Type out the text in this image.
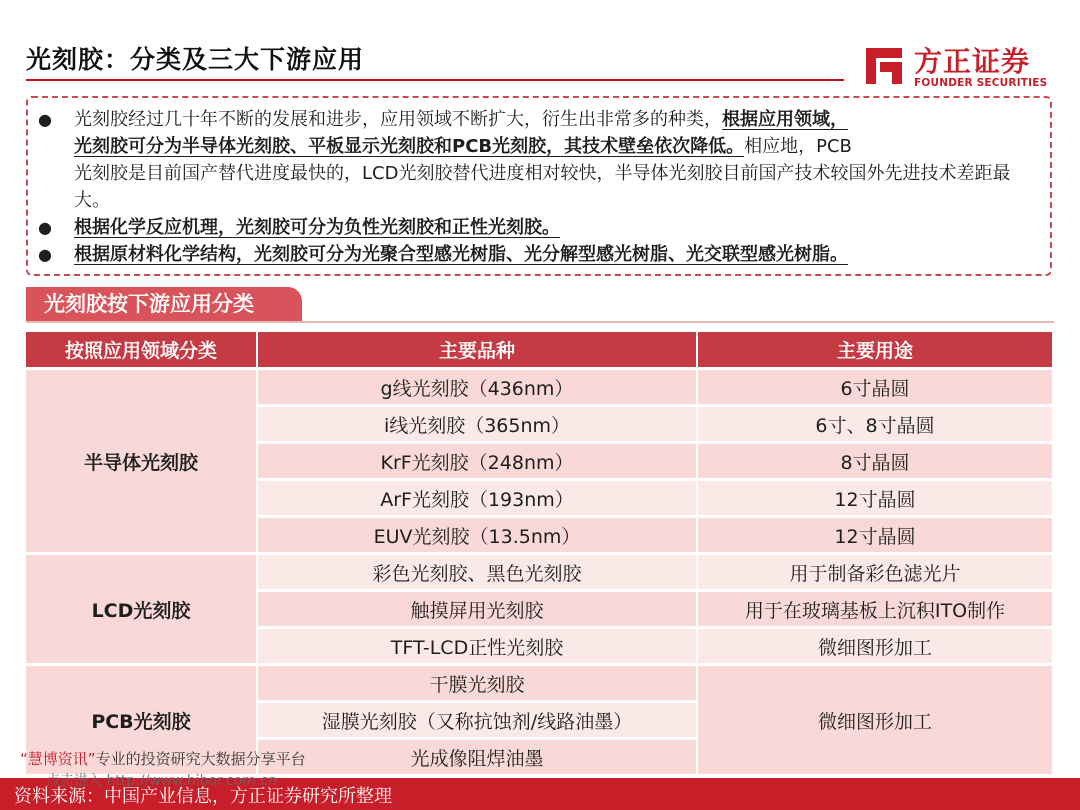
光刻胶：分类及三大下游应用	方正证券
FOUNDER SECURITIES
● 光刻胶经过几十年不断的发展和进步，应用领域不断扩大，衍生出非常多的种类，根据应用领域，
光刻胶可分为半导体光刻胶、平板显示光刻胶和PCB光刻胶，其技术壁垒依次降低。相应地，PCB
光刻胶是目前国产替代进度最快的，LCD光刻胶替代进度相对较快，半导体光刻胶目前国产技术较国外先进技术差距最大。
● 根据化学反应机理，光刻胶可分为负性光刻胶和正性光刻胶。
● 根据原材料化学结构，光刻胶可分为光聚合型感光树脂、光分解型感光树脂、光交联型感光树脂。
光刻胶按下游应用分类
按照应用领域分类	主要品种	主要用途
半导体光刻胶	g线光刻胶（436nm）	6寸晶圆
	i线光刻胶（365nm）	6寸、8寸晶圆
	KrF光刻胶（248nm）	8寸晶圆
	ArF光刻胶（193nm）	12寸晶圆
	EUV光刻胶（13.5nm）	12寸晶圆
LCD光刻胶	彩色光刻胶、黑色光刻胶	用于制备彩色滤光片
	触摸屏用光刻胶	用于在玻璃基板上沉积ITO制作
	TFT-LCD正性光刻胶	微细图形加工
PCB光刻胶	干膜光刻胶	微细图形加工
	湿膜光刻胶（又称抗蚀剂/线路油墨）	
	光成像阻焊油墨	
“慧博资讯”专业的投资研究大数据分享平台
点击进入 http://www.hibor.com.cn
资料来源：中国产业信息，方正证券研究所整理
